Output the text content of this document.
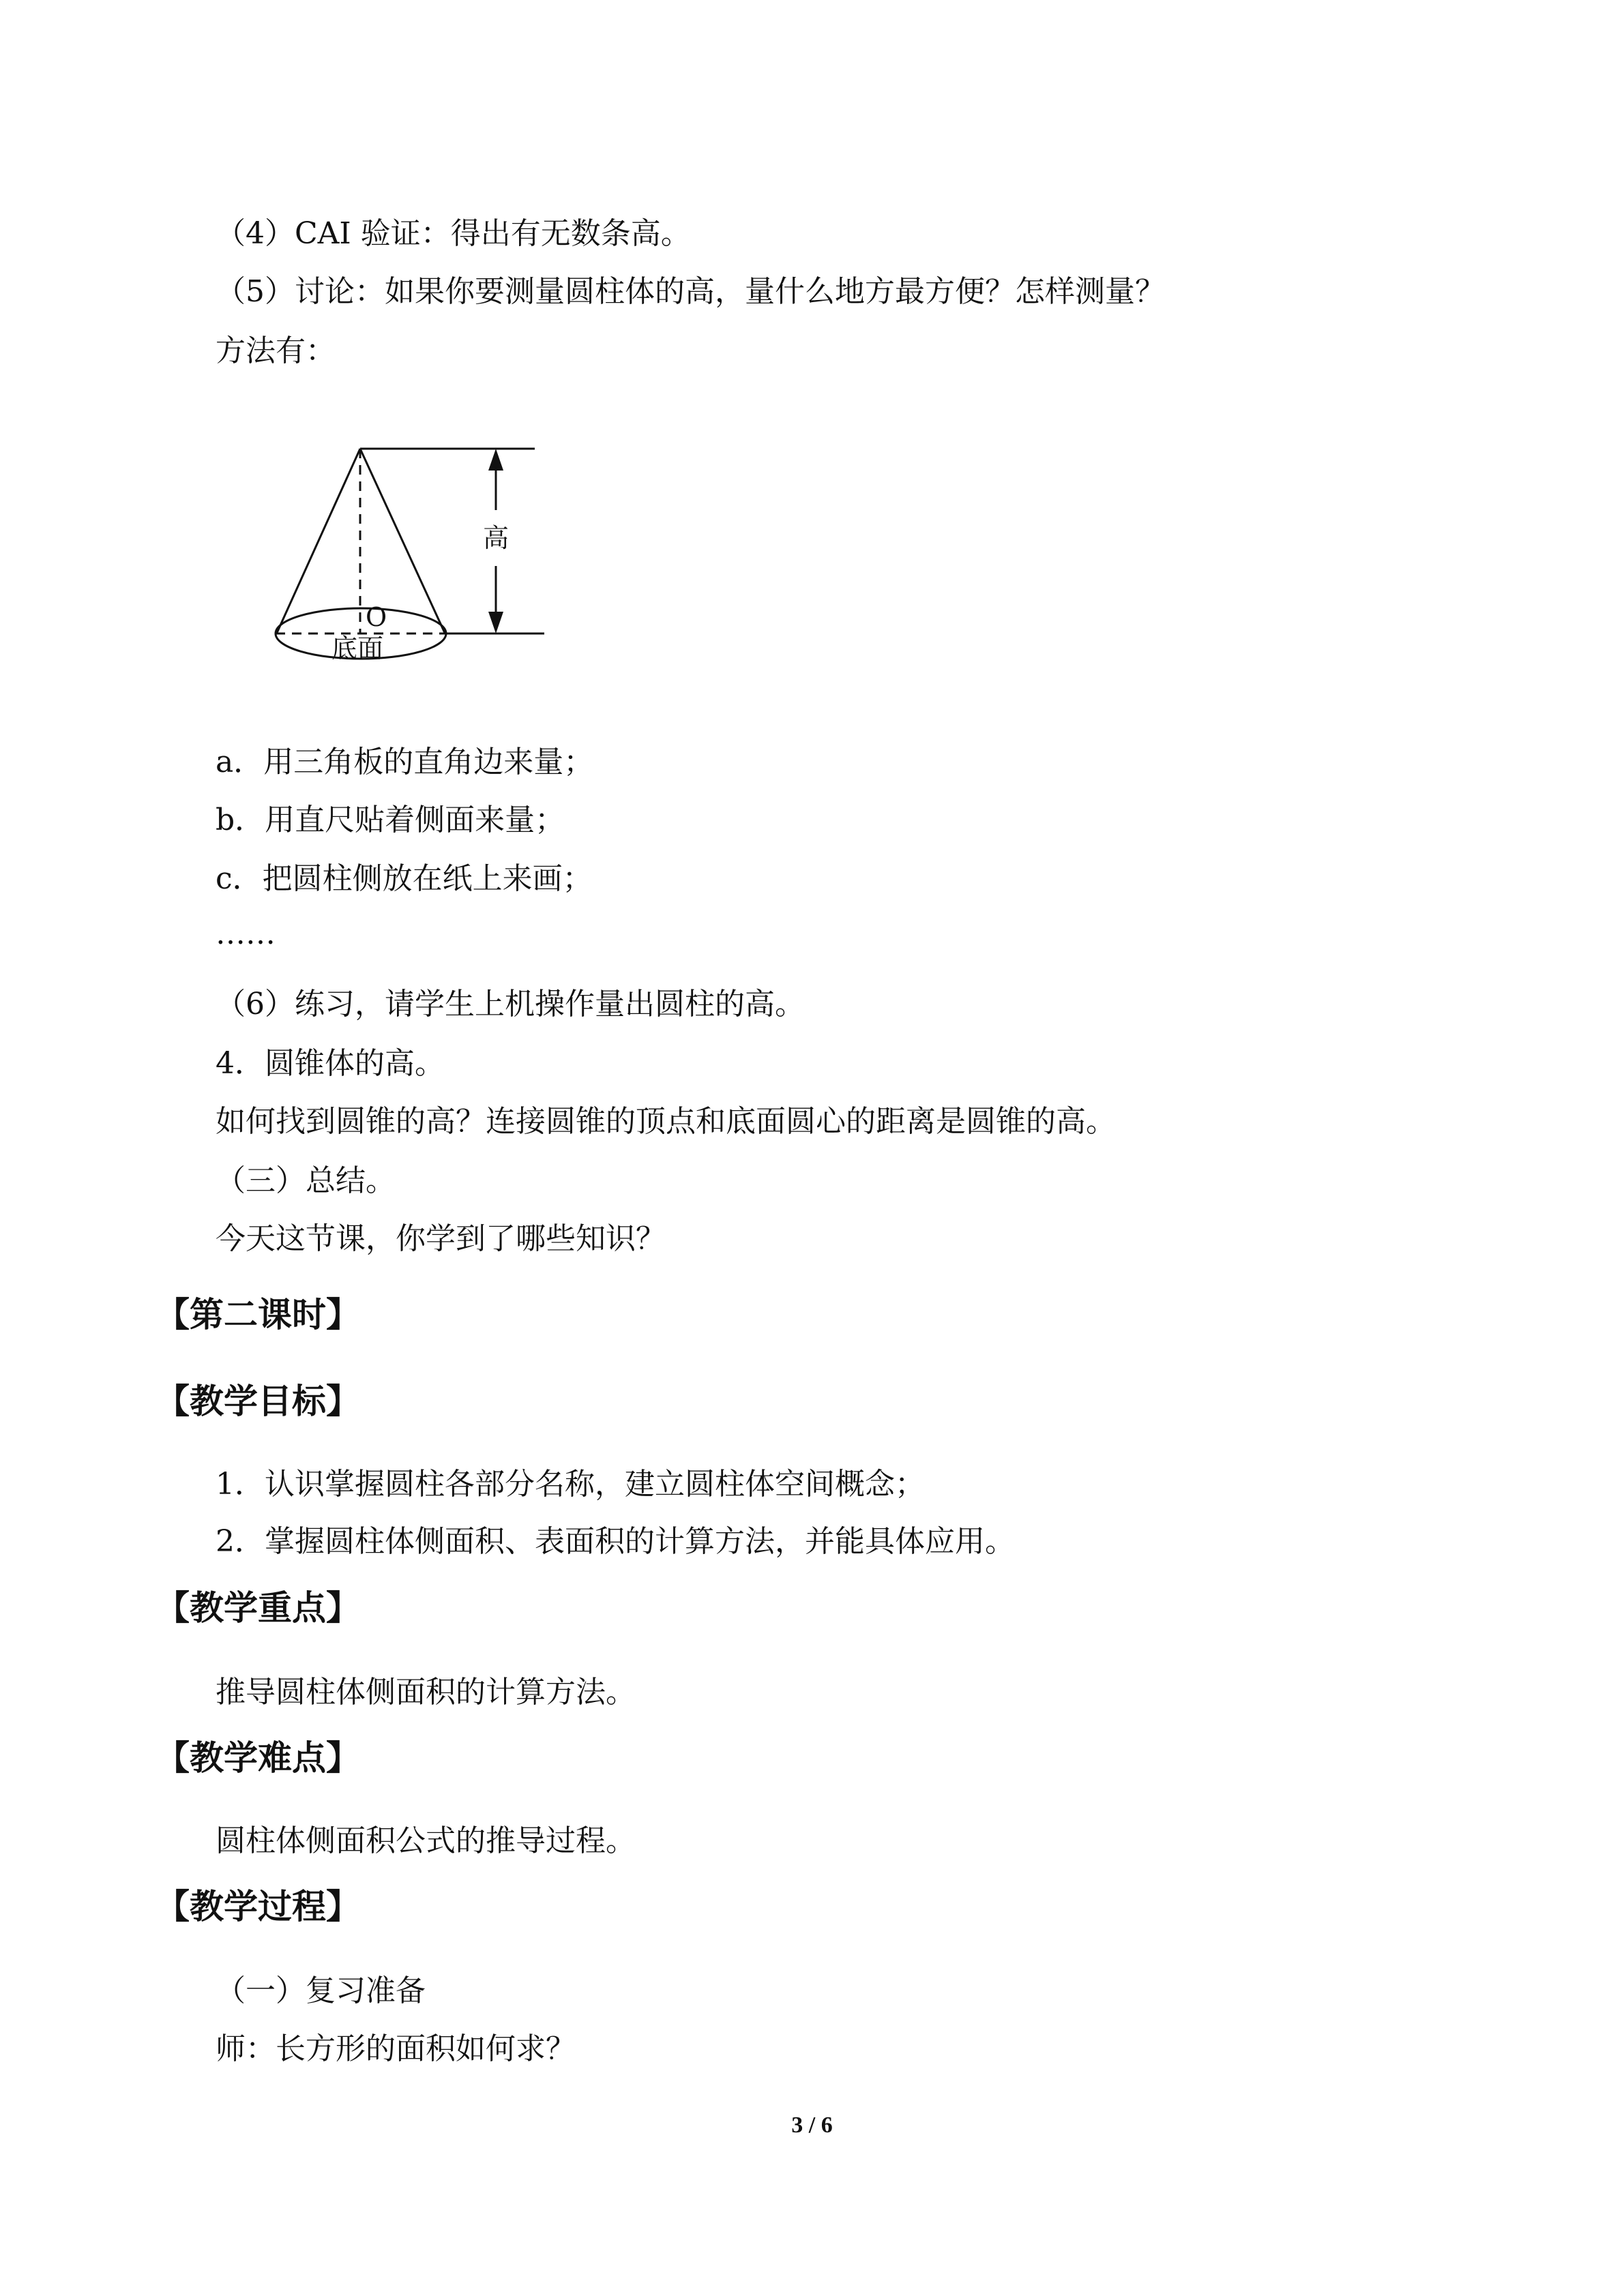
（4）CAI 验证：得出有无数条高。
（5）讨论：如果你要测量圆柱体的高，量什么地方最方便？怎样测量？
方法有：
高
O
底面
a．用三角板的直角边来量；
b．用直尺贴着侧面来量；
c．把圆柱侧放在纸上来画；
……
（6）练习，请学生上机操作量出圆柱的高。
4．圆锥体的高。
如何找到圆锥的高？连接圆锥的顶点和底面圆心的距离是圆锥的高。
（三）总结。
今天这节课，你学到了哪些知识？
【第二课时】
【教学目标】
1．认识掌握圆柱各部分名称，建立圆柱体空间概念；
2．掌握圆柱体侧面积、表面积的计算方法，并能具体应用。
【教学重点】
推导圆柱体侧面积的计算方法。
【教学难点】
圆柱体侧面积公式的推导过程。
【教学过程】
（一）复习准备
师：长方形的面积如何求？
3 / 6
